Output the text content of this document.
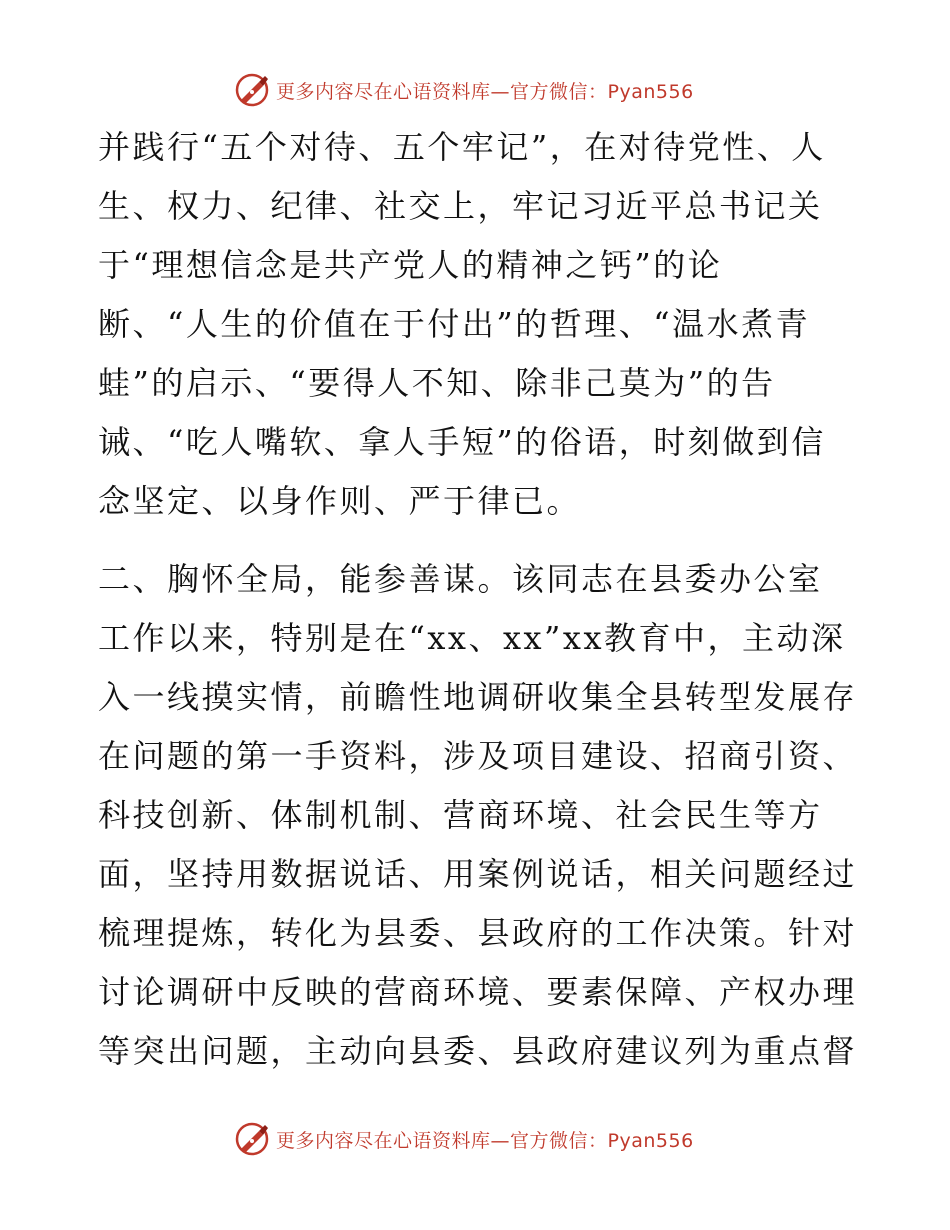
更多内容尽在心语资料库— 官方微信：Pyan556

并践行“五个对待、五个牢记”，在对待党性、人

生、权力、纪律、社交上，牢记习近平总书记关

于“理想信念是共产党人的精神之钙”的论

断、“人生的价值在于付出”的哲理、“温水煮青

蛙”的启示、“要得人不知、除非己莫为”的告

诫、“吃人嘴软、拿人手短”的俗语，时刻做到信

念坚定、以身作则、严于律已。

二、胸怀全局，能参善谋。该同志在县委办公室

工作以来，特别是在“xx、xx”xx教育中，主动深

入一线摸实情，前瞻性地调研收集全县转型发展存

在问题的第一手资料，涉及项目建设、招商引资、

科技创新、体制机制、营商环境、社会民生等方

面，坚持用数据说话、用案例说话，相关问题经过

梳理提炼，转化为县委、县政府的工作决策。针对

讨论调研中反映的营商环境、要素保障、产权办理

等突出问题，主动向县委、县政府建议列为重点督

更多内容尽在心语资料库— 官方微信：Pyan556
